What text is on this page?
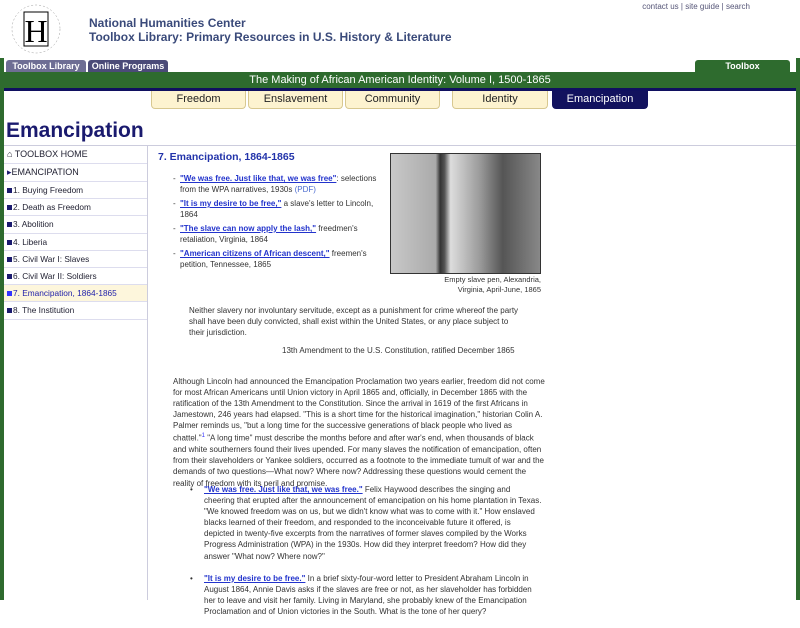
H	National Humanities Center
Toolbox Library: Primary Resources in U.S. History & Literature
contact us | site guide | search
Toolbox Library	Online Programs	Toolbox
The Making of African American Identity: Volume I, 1500-1865
Freedom	Enslavement	Community	Identity	Emancipation
Emancipation
⌂ TOOLBOX HOME
▸EMANCIPATION
1. Buying Freedom
2. Death as Freedom
3. Abolition
4. Liberia
5. Civil War I: Slaves
6. Civil War II: Soldiers
7. Emancipation, 1864-1865
8. The Institution
7. Emancipation, 1864-1865
- "We was free. Just like that, we was free": selections from the WPA narratives, 1930s (PDF)
- "It is my desire to be free," a slave's letter to Lincoln, 1864
- "The slave can now apply the lash," freedmen's retaliation, Virginia, 1864
- "American citizens of African descent," freemen's petition, Tennessee, 1865
Empty slave pen, Alexandria, Virginia, April-June, 1865
Neither slavery nor involuntary servitude, except as a punishment for crime whereof the party shall have been duly convicted, shall exist within the United States, or any place subject to their jurisdiction.
13th Amendment to the U.S. Constitution, ratified December 1865
Although Lincoln had announced the Emancipation Proclamation two years earlier, freedom did not come for most African Americans until Union victory in April 1865 and, officially, in December 1865 with the ratification of the 13th Amendment to the Constitution. Since the arrival in 1619 of the first Africans in Jamestown, 246 years had elapsed. "This is a short time for the historical imagination," historian Colin A. Palmer reminds us, "but a long time for the successive generations of black people who lived as chattel."$^1$ "A long time" must describe the months before and after war's end, when thousands of black and white southerners found their lives upended. For many slaves the notification of emancipation, often from their slaveholders or Yankee soldiers, occurred as a footnote to the immediate tumult of war and the demands of two questions—What now? Where now? Addressing these questions would cement the reality of freedom with its peril and promise.
• "We was free. Just like that, we was free." Felix Haywood describes the singing and cheering that erupted after the announcement of emancipation on his home plantation in Texas. "We knowed freedom was on us, but we didn't know what was to come with it." How enslaved blacks learned of their freedom, and responded to the inconceivable future it offered, is depicted in twenty-five excerpts from the narratives of former slaves compiled by the Works Progress Administration (WPA) in the 1930s. How did they interpret freedom? How did they answer "What now? Where now?"
• "It is my desire to be free." In a brief sixty-four-word letter to President Abraham Lincoln in August 1864, Annie Davis asks if the slaves are free or not, as her slaveholder has forbidden her to leave and visit her family. Living in Maryland, she probably knew of the Emancipation Proclamation and of Union victories in the South. What is the tone of her query?
